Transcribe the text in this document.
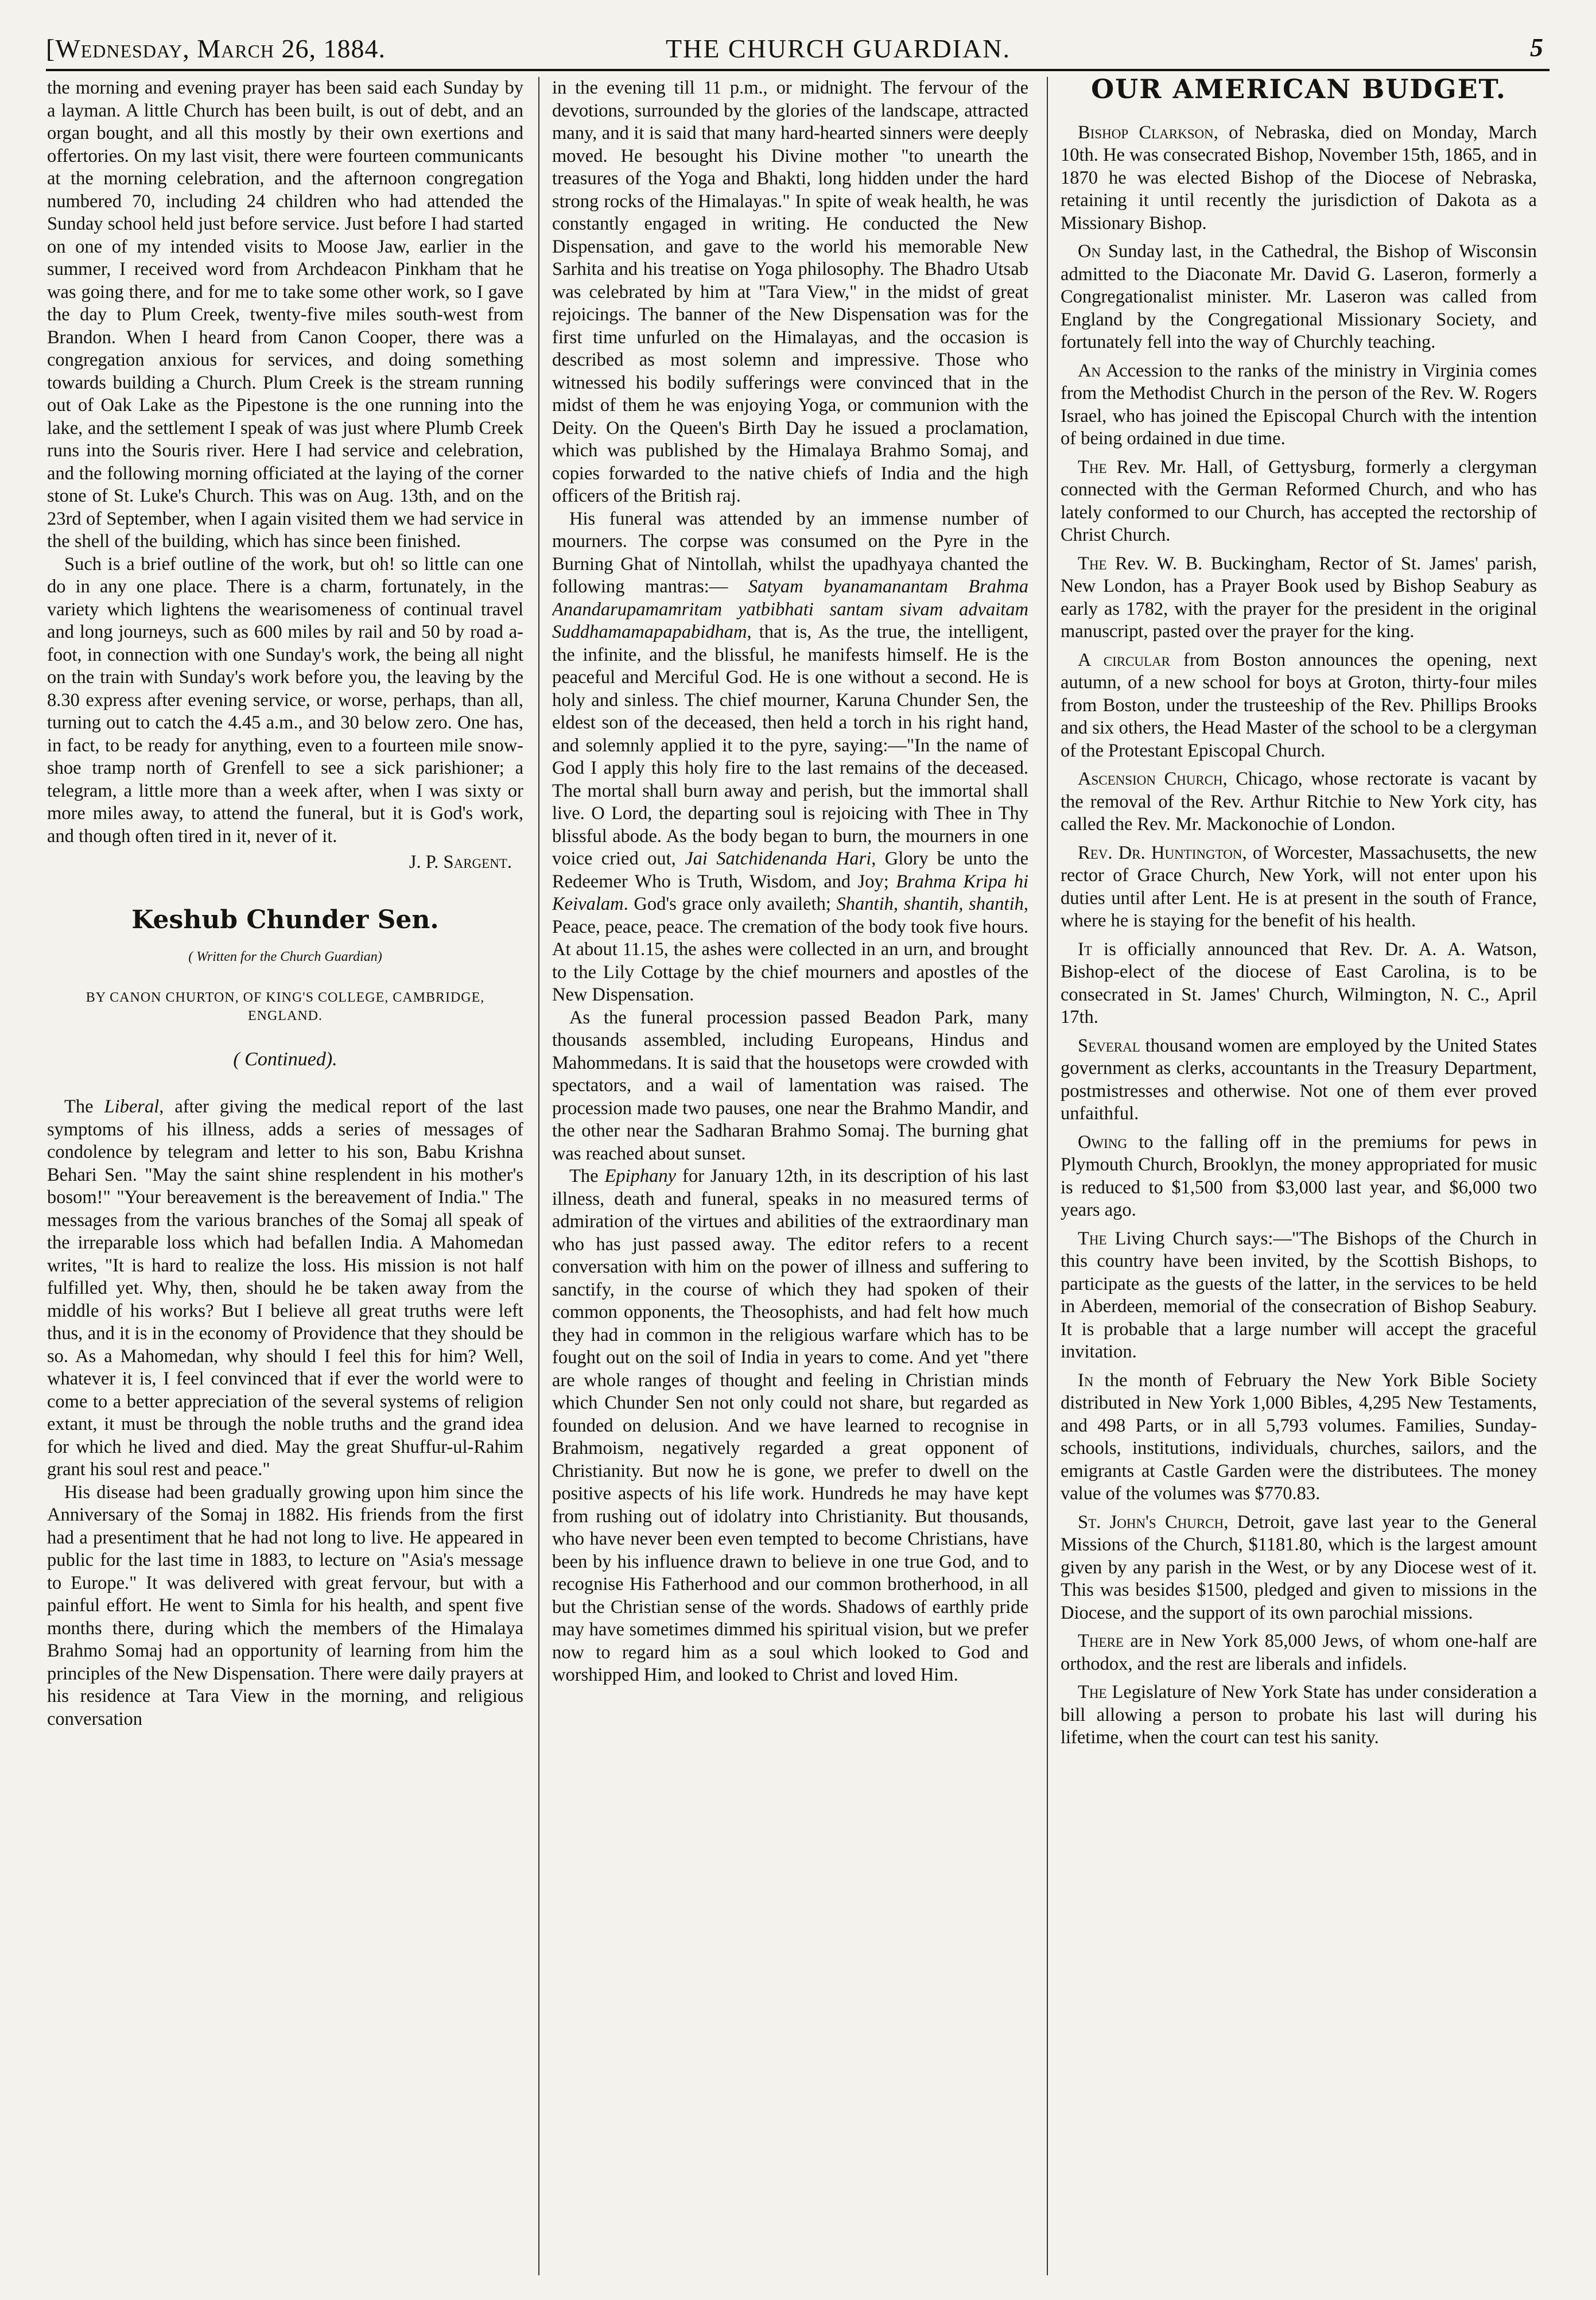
[Wednesday, March 26, 1884.	THE CHURCH GUARDIAN.	5

the morning and evening prayer has been said each Sunday by a layman. A little Church has been built, is out of debt, and an organ bought, and all this mostly by their own exertions and offertories. On my last visit, there were fourteen communicants at the morning celebration, and the afternoon congregation numbered 70, including 24 children who had attended the Sunday school held just before service. Just before I had started on one of my intended visits to Moose Jaw, earlier in the summer, I received word from Archdeacon Pinkham that he was going there, and for me to take some other work, so I gave the day to Plum Creek, twenty-five miles south-west from Brandon. When I heard from Canon Cooper, there was a congregation anxious for services, and doing something towards building a Church. Plum Creek is the stream running out of Oak Lake as the Pipestone is the one running into the lake, and the settlement I speak of was just where Plumb Creek runs into the Souris river. Here I had service and celebration, and the following morning officiated at the laying of the corner stone of St. Luke's Church. This was on Aug. 13th, and on the 23rd of September, when I again visited them we had service in the shell of the building, which has since been finished.

Such is a brief outline of the work, but oh! so little can one do in any one place. There is a charm, fortunately, in the variety which lightens the wearisomeness of continual travel and long journeys, such as 600 miles by rail and 50 by road a-foot, in connection with one Sunday's work, the being all night on the train with Sunday's work before you, the leaving by the 8.30 express after evening service, or worse, perhaps, than all, turning out to catch the 4.45 a.m., and 30 below zero. One has, in fact, to be ready for anything, even to a fourteen mile snow-shoe tramp north of Grenfell to see a sick parishioner; a telegram, a little more than a week after, when I was sixty or more miles away, to attend the funeral, but it is God's work, and though often tired in it, never of it.

J. P. Sargent.
Keshub Chunder Sen.
( Written for the Church Guardian)
BY CANON CHURTON, OF KING'S COLLEGE, CAMBRIDGE, ENGLAND.
( Continued).

The Liberal, after giving the medical report of the last symptoms of his illness, adds a series of messages of condolence by telegram and letter to his son, Babu Krishna Behari Sen. "May the saint shine resplendent in his mother's bosom!" "Your bereavement is the bereavement of India." The messages from the various branches of the Somaj all speak of the irreparable loss which had befallen India. A Mahomedan writes, "It is hard to realize the loss. His mission is not half fulfilled yet. Why, then, should he be taken away from the middle of his works? But I believe all great truths were left thus, and it is in the economy of Providence that they should be so. As a Mahomedan, why should I feel this for him? Well, whatever it is, I feel convinced that if ever the world were to come to a better appreciation of the several systems of religion extant, it must be through the noble truths and the grand idea for which he lived and died. May the great Shuffur-ul-Rahim grant his soul rest and peace."

His disease had been gradually growing upon him since the Anniversary of the Somaj in 1882. His friends from the first had a presentiment that he had not long to live. He appeared in public for the last time in 1883, to lecture on "Asia's message to Europe." It was delivered with great fervour, but with a painful effort. He went to Simla for his health, and spent five months there, during which the members of the Himalaya Brahmo Somaj had an opportunity of learning from him the principles of the New Dispensation. There were daily prayers at his residence at Tara View in the morning, and religious conversation

in the evening till 11 p.m., or midnight. The fervour of the devotions, surrounded by the glories of the landscape, attracted many, and it is said that many hard-hearted sinners were deeply moved. He besought his Divine mother "to unearth the treasures of the Yoga and Bhakti, long hidden under the hard strong rocks of the Himalayas." In spite of weak health, he was constantly engaged in writing. He conducted the New Dispensation, and gave to the world his memorable New Sarhita and his treatise on Yoga philosophy. The Bhadro Utsab was celebrated by him at "Tara View," in the midst of great rejoicings. The banner of the New Dispensation was for the first time unfurled on the Himalayas, and the occasion is described as most solemn and impressive. Those who witnessed his bodily sufferings were convinced that in the midst of them he was enjoying Yoga, or communion with the Deity. On the Queen's Birth Day he issued a proclamation, which was published by the Himalaya Brahmo Somaj, and copies forwarded to the native chiefs of India and the high officers of the British raj.

His funeral was attended by an immense number of mourners. The corpse was consumed on the Pyre in the Burning Ghat of Nintollah, whilst the upadhyaya chanted the following mantras:— Satyam byanamanantam Brahma Anandarupamamritam yatbibhati santam sivam advaitam Suddhamamapapabidham, that is, As the true, the intelligent, the infinite, and the blissful, he manifests himself. He is the peaceful and Merciful God. He is one without a second. He is holy and sinless. The chief mourner, Karuna Chunder Sen, the eldest son of the deceased, then held a torch in his right hand, and solemnly applied it to the pyre, saying:—"In the name of God I apply this holy fire to the last remains of the deceased. The mortal shall burn away and perish, but the immortal shall live. O Lord, the departing soul is rejoicing with Thee in Thy blissful abode. As the body began to burn, the mourners in one voice cried out, Jai Satchidenanda Hari, Glory be unto the Redeemer Who is Truth, Wisdom, and Joy; Brahma Kripa hi Keivalam. God's grace only availeth; Shantih, shantih, shantih, Peace, peace, peace. The cremation of the body took five hours. At about 11.15, the ashes were collected in an urn, and brought to the Lily Cottage by the chief mourners and apostles of the New Dispensation.

As the funeral procession passed Beadon Park, many thousands assembled, including Europeans, Hindus and Mahommedans. It is said that the housetops were crowded with spectators, and a wail of lamentation was raised. The procession made two pauses, one near the Brahmo Mandir, and the other near the Sadharan Brahmo Somaj. The burning ghat was reached about sunset.

The Epiphany for January 12th, in its description of his last illness, death and funeral, speaks in no measured terms of admiration of the virtues and abilities of the extraordinary man who has just passed away. The editor refers to a recent conversation with him on the power of illness and suffering to sanctify, in the course of which they had spoken of their common opponents, the Theosophists, and had felt how much they had in common in the religious warfare which has to be fought out on the soil of India in years to come. And yet "there are whole ranges of thought and feeling in Christian minds which Chunder Sen not only could not share, but regarded as founded on delusion. And we have learned to recognise in Brahmoism, negatively regarded a great opponent of Christianity. But now he is gone, we prefer to dwell on the positive aspects of his life work. Hundreds he may have kept from rushing out of idolatry into Christianity. But thousands, who have never been even tempted to become Christians, have been by his influence drawn to believe in one true God, and to recognise His Fatherhood and our common brotherhood, in all but the Christian sense of the words. Shadows of earthly pride may have sometimes dimmed his spiritual vision, but we prefer now to regard him as a soul which looked to God and worshipped Him, and looked to Christ and loved Him.

OUR AMERICAN BUDGET.

Bishop Clarkson, of Nebraska, died on Monday, March 10th. He was consecrated Bishop, November 15th, 1865, and in 1870 he was elected Bishop of the Diocese of Nebraska, retaining it until recently the jurisdiction of Dakota as a Missionary Bishop.

On Sunday last, in the Cathedral, the Bishop of Wisconsin admitted to the Diaconate Mr. David G. Laseron, formerly a Congregationalist minister. Mr. Laseron was called from England by the Congregational Missionary Society, and fortunately fell into the way of Churchly teaching.

An Accession to the ranks of the ministry in Virginia comes from the Methodist Church in the person of the Rev. W. Rogers Israel, who has joined the Episcopal Church with the intention of being ordained in due time.

The Rev. Mr. Hall, of Gettysburg, formerly a clergyman connected with the German Reformed Church, and who has lately conformed to our Church, has accepted the rectorship of Christ Church.

The Rev. W. B. Buckingham, Rector of St. James' parish, New London, has a Prayer Book used by Bishop Seabury as early as 1782, with the prayer for the president in the original manuscript, pasted over the prayer for the king.

A circular from Boston announces the opening, next autumn, of a new school for boys at Groton, thirty-four miles from Boston, under the trusteeship of the Rev. Phillips Brooks and six others, the Head Master of the school to be a clergyman of the Protestant Episcopal Church.

Ascension Church, Chicago, whose rectorate is vacant by the removal of the Rev. Arthur Ritchie to New York city, has called the Rev. Mr. Mackonochie of London.

Rev. Dr. Huntington, of Worcester, Massachusetts, the new rector of Grace Church, New York, will not enter upon his duties until after Lent. He is at present in the south of France, where he is staying for the benefit of his health.

It is officially announced that Rev. Dr. A. A. Watson, Bishop-elect of the diocese of East Carolina, is to be consecrated in St. James' Church, Wilmington, N. C., April 17th.

Several thousand women are employed by the United States government as clerks, accountants in the Treasury Department, postmistresses and otherwise. Not one of them ever proved unfaithful.

Owing to the falling off in the premiums for pews in Plymouth Church, Brooklyn, the money appropriated for music is reduced to $1,500 from $3,000 last year, and $6,000 two years ago.

The Living Church says:—"The Bishops of the Church in this country have been invited, by the Scottish Bishops, to participate as the guests of the latter, in the services to be held in Aberdeen, memorial of the consecration of Bishop Seabury. It is probable that a large number will accept the graceful invitation.

In the month of February the New York Bible Society distributed in New York 1,000 Bibles, 4,295 New Testaments, and 498 Parts, or in all 5,793 volumes. Families, Sunday-schools, institutions, individuals, churches, sailors, and the emigrants at Castle Garden were the distributees. The money value of the volumes was $770.83.

St. John's Church, Detroit, gave last year to the General Missions of the Church, $1181.80, which is the largest amount given by any parish in the West, or by any Diocese west of it. This was besides $1500, pledged and given to missions in the Diocese, and the support of its own parochial missions.

There are in New York 85,000 Jews, of whom one-half are orthodox, and the rest are liberals and infidels.

The Legislature of New York State has under consideration a bill allowing a person to probate his last will during his lifetime, when the court can test his sanity.
